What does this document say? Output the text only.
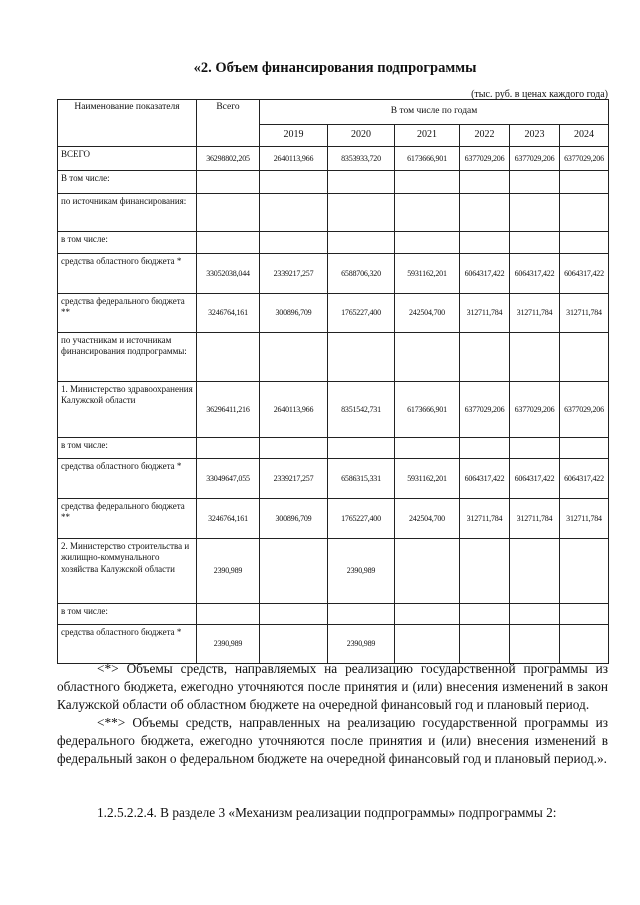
«2. Объем финансирования подпрограммы
(тыс. руб. в ценах каждого года)
Наименование показателя	Всего	В том числе по годам					
		2019	2020	2021	2022	2023	2024
ВСЕГО	36298802,205	2640113,966	8353933,720	6173666,901	6377029,206	6377029,206	6377029,206
В том числе:							
по источникам финансирования:							
в том числе:							
средства областного бюджета *	33052038,044	2339217,257	6588706,320	5931162,201	6064317,422	6064317,422	6064317,422
средства федерального бюджета **	3246764,161	300896,709	1765227,400	242504,700	312711,784	312711,784	312711,784
по участникам и источникам финансирования подпрограммы:							
1. Министерство здравоохранения Калужской области	36296411,216	2640113,966	8351542,731	6173666,901	6377029,206	6377029,206	6377029,206
в том числе:							
средства областного бюджета *	33049647,055	2339217,257	6586315,331	5931162,201	6064317,422	6064317,422	6064317,422
средства федерального бюджета **	3246764,161	300896,709	1765227,400	242504,700	312711,784	312711,784	312711,784
2. Министерство строительства и жилищно-коммунального хозяйства Калужской области	2390,989		2390,989				
в том числе:							
средства областного бюджета *	2390,989		2390,989				

<*> Объемы средств, направляемых на реализацию государственной программы из областного бюджета, ежегодно уточняются после принятия и (или) внесения изменений в закон Калужской области об областном бюджете на очередной финансовый год и плановый период.

<**> Объемы средств, направленных на реализацию государственной программы из федерального бюджета, ежегодно уточняются после принятия и (или) внесения изменений в федеральный закон о федеральном бюджете на очередной финансовый год и плановый период.».

1.2.5.2.2.4. В разделе 3 «Механизм реализации подпрограммы» подпрограммы 2:
